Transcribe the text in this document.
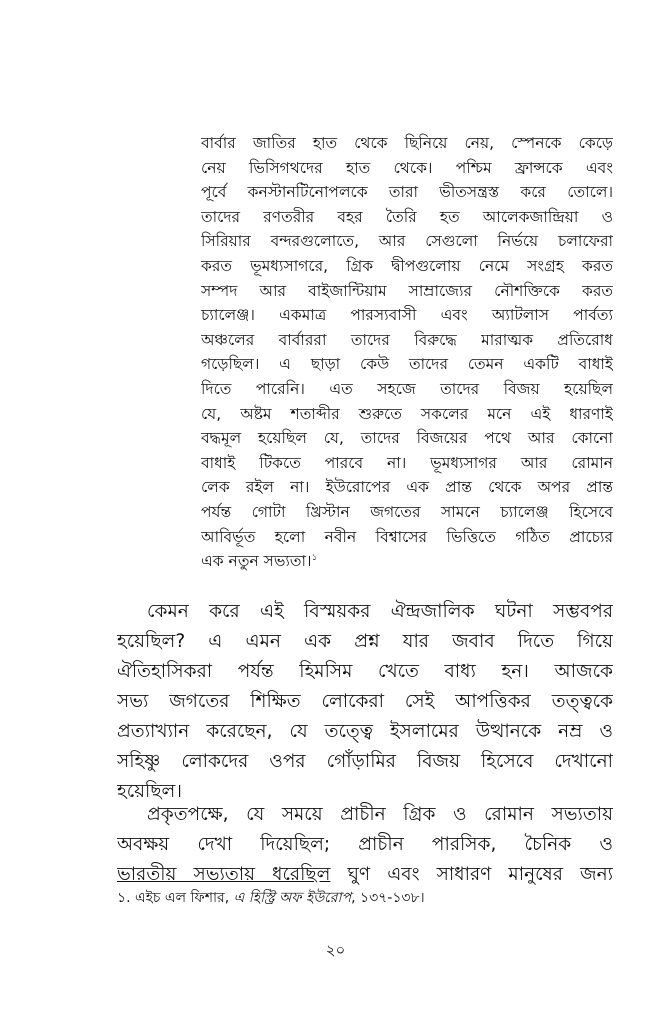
বার্বার জাতির হাত থেকে ছিনিয়ে নেয়, স্পেনকে কেড়ে
নেয় ভিসিগথদের হাত থেকে। পশ্চিম ফ্রান্সকে এবং
পূর্বে কনস্টানটিনোপলকে তারা ভীতসন্ত্রস্ত করে তোলে।
তাদের রণতরীর বহর তৈরি হত আলেকজান্দ্রিয়া ও
সিরিয়ার বন্দরগুলোতে, আর সেগুলো নির্ভয়ে চলাফেরা
করত ভূমধ্যসাগরে, গ্রিক দ্বীপগুলোয় নেমে সংগ্রহ করত
সম্পদ আর বাইজান্টিয়াম সাম্রাজ্যের নৌশক্তিকে করত
চ্যালেঞ্জ। একমাত্র পারস্যবাসী এবং অ্যাটলাস পার্বত্য
অঞ্চলের বার্বাররা তাদের বিরুদ্ধে মারাত্মক প্রতিরোধ
গড়েছিল। এ ছাড়া কেউ তাদের তেমন একটি বাধাই
দিতে পারেনি। এত সহজে তাদের বিজয় হয়েছিল
যে, অষ্টম শতাব্দীর শুরুতে সকলের মনে এই ধারণাই
বদ্ধমূল হয়েছিল যে, তাদের বিজয়ের পথে আর কোনো
বাধাই টিকতে পারবে না। ভূমধ্যসাগর আর রোমান
লেক রইল না। ইউরোপের এক প্রান্ত থেকে অপর প্রান্ত
পর্যন্ত গোটা খ্রিস্টান জগতের সামনে চ্যালেঞ্জ হিসেবে
আবির্ভূত হলো নবীন বিশ্বাসের ভিত্তিতে গঠিত প্রাচ্যের
এক নতুন সভ্যতা।$^১$
কেমন করে এই বিস্ময়কর ঐন্দ্রজালিক ঘটনা সম্ভবপর
হয়েছিল? এ এমন এক প্রশ্ন যার জবাব দিতে গিয়ে
ঐতিহাসিকরা পর্যন্ত হিমসিম খেতে বাধ্য হন। আজকে
সভ্য জগতের শিক্ষিত লোকেরা সেই আপত্তিকর তত্ত্বকে
প্রত্যাখ্যান করেছেন, যে তত্ত্বে ইসলামের উত্থানকে নম্র ও
সহিষ্ণু লোকদের ওপর গোঁড়ামির বিজয় হিসেবে দেখানো
হয়েছিল।
প্রকৃতপক্ষে, যে সময়ে প্রাচীন গ্রিক ও রোমান সভ্যতায়
অবক্ষয় দেখা দিয়েছিল; প্রাচীন পারসিক, চৈনিক ও
ভারতীয় সভ্যতায় ধরেছিল ঘুণ এবং সাধারণ মানুষের জন্য
১. এইচ এল ফিশার, এ হিস্ট্রি অফ ইউরোপ, ১৩৭-১৩৮।
২০
